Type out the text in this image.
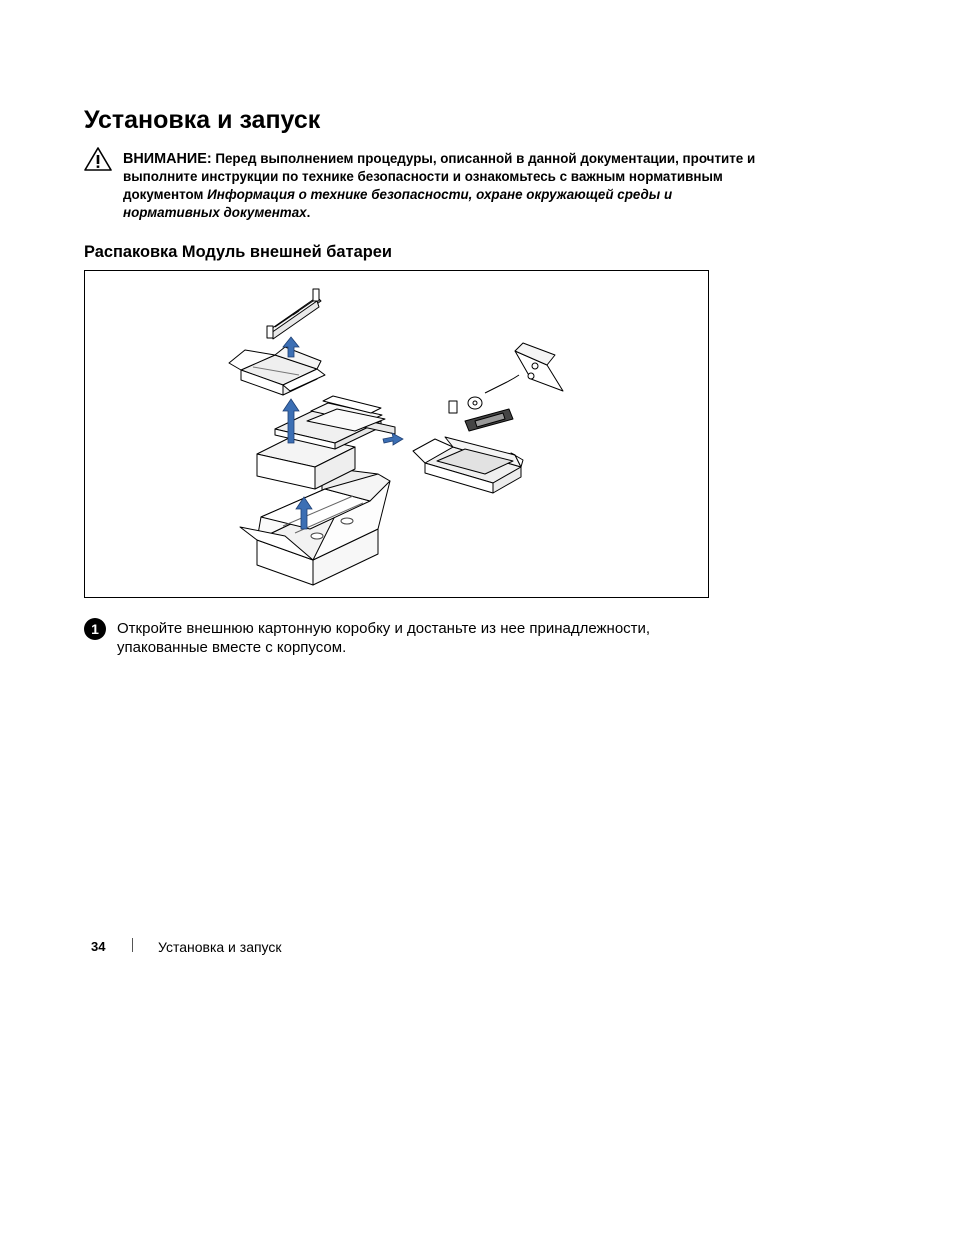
Установка и запуск
ВНИМАНИЕ: Перед выполнением процедуры, описанной в данной документации, прочтите и выполните инструкции по технике безопасности и ознакомьтесь с важным нормативным документом Информация о технике безопасности, охране окружающей среды и нормативных документах.
Распаковка Модуль внешней батареи
1	Откройте внешнюю картонную коробку и достаньте из нее принадлежности, упакованные вместе с корпусом.
34	Установка и запуск
